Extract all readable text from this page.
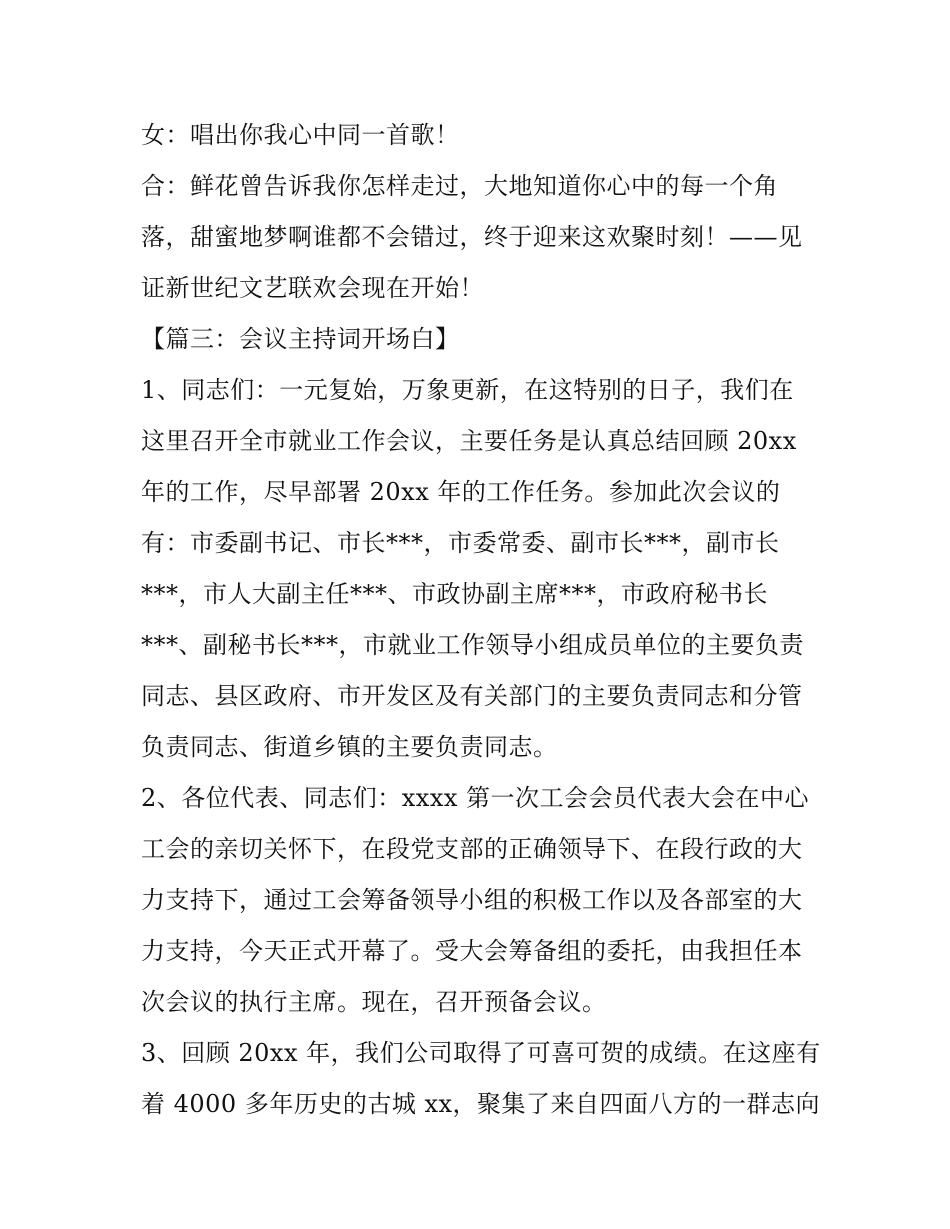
女：唱出你我心中同一首歌！
合：鲜花曾告诉我你怎样走过，大地知道你心中的每一个角
落，甜蜜地梦啊谁都不会错过，终于迎来这欢聚时刻！——见
证新世纪文艺联欢会现在开始！
【篇三：会议主持词开场白】
1、同志们：一元复始，万象更新，在这特别的日子，我们在
这里召开全市就业工作会议，主要任务是认真总结回顾 20xx
年的工作，尽早部署 20xx 年的工作任务。参加此次会议的
有：市委副书记、市长***，市委常委、副市长***，副市长
***，市人大副主任***、市政协副主席***，市政府秘书长
***、副秘书长***，市就业工作领导小组成员单位的主要负责
同志、县区政府、市开发区及有关部门的主要负责同志和分管
负责同志、街道乡镇的主要负责同志。
2、各位代表、同志们：xxxx 第一次工会会员代表大会在中心
工会的亲切关怀下，在段党支部的正确领导下、在段行政的大
力支持下，通过工会筹备领导小组的积极工作以及各部室的大
力支持，今天正式开幕了。受大会筹备组的委托，由我担任本
次会议的执行主席。现在，召开预备会议。
3、回顾 20xx 年，我们公司取得了可喜可贺的成绩。在这座有
着 4000 多年历史的古城 xx，聚集了来自四面八方的一群志向
